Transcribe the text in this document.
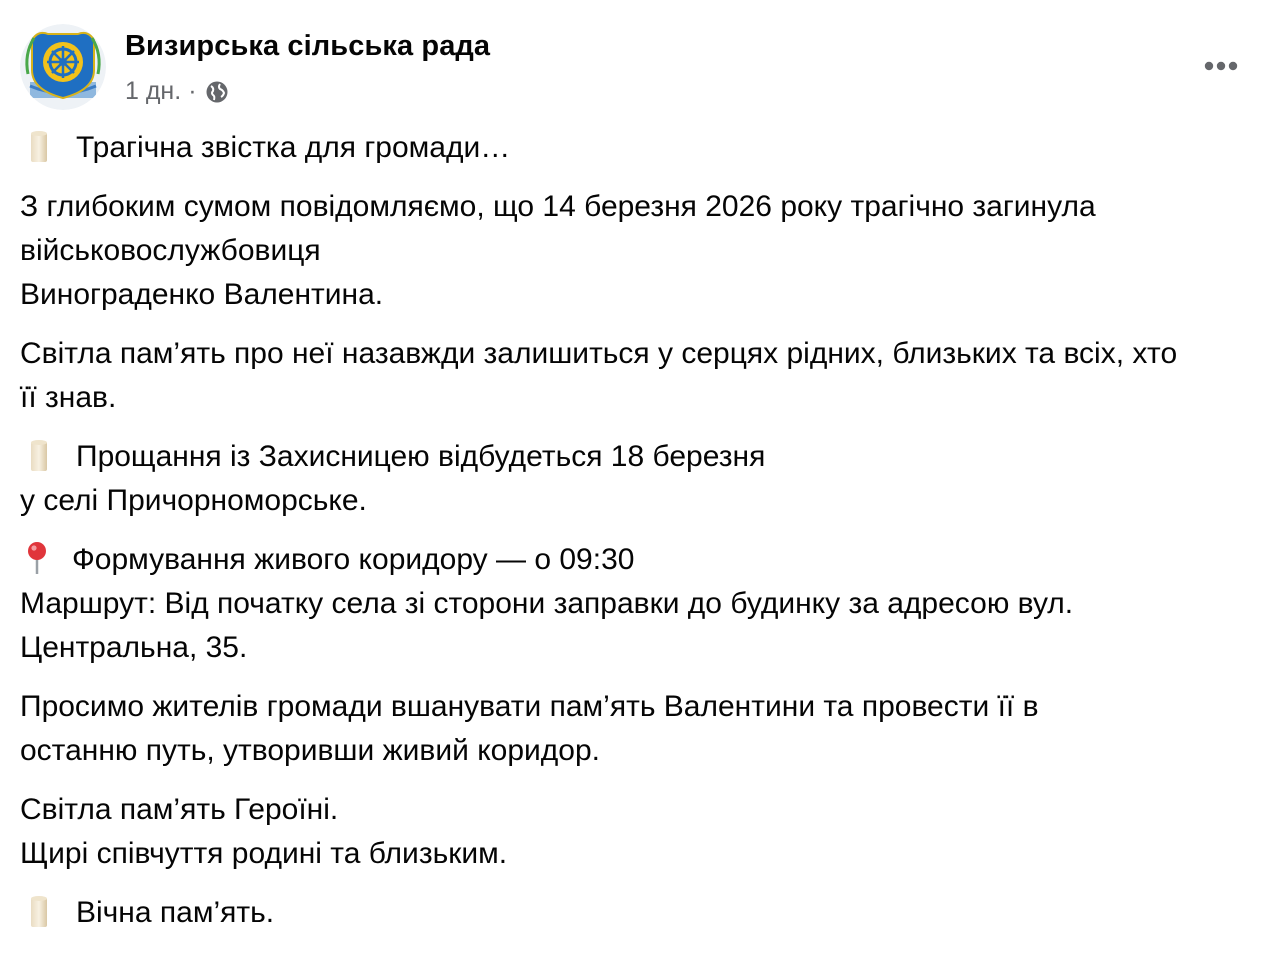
Визирська сільська рада
1 дн. ·
Трагічна звістка для громади…
З глибоким сумом повідомляємо, що 14 березня 2026 року трагічно загинула
військовослужбовиця
Винограденко Валентина.
Світла пам’ять про неї назавжди залишиться у серцях рідних, близьких та всіх, хто
її знав.
Прощання із Захисницею відбудеться 18 березня
у селі Причорноморське.
Формування живого коридору — о 09:30
Маршрут: Від початку села зі сторони заправки до будинку за адресою вул.
Центральна, 35.
Просимо жителів громади вшанувати пам’ять Валентини та провести її в
останню путь, утворивши живий коридор.
Світла пам’ять Героїні.
Щирі співчуття родині та близьким.
Вічна пам’ять.
